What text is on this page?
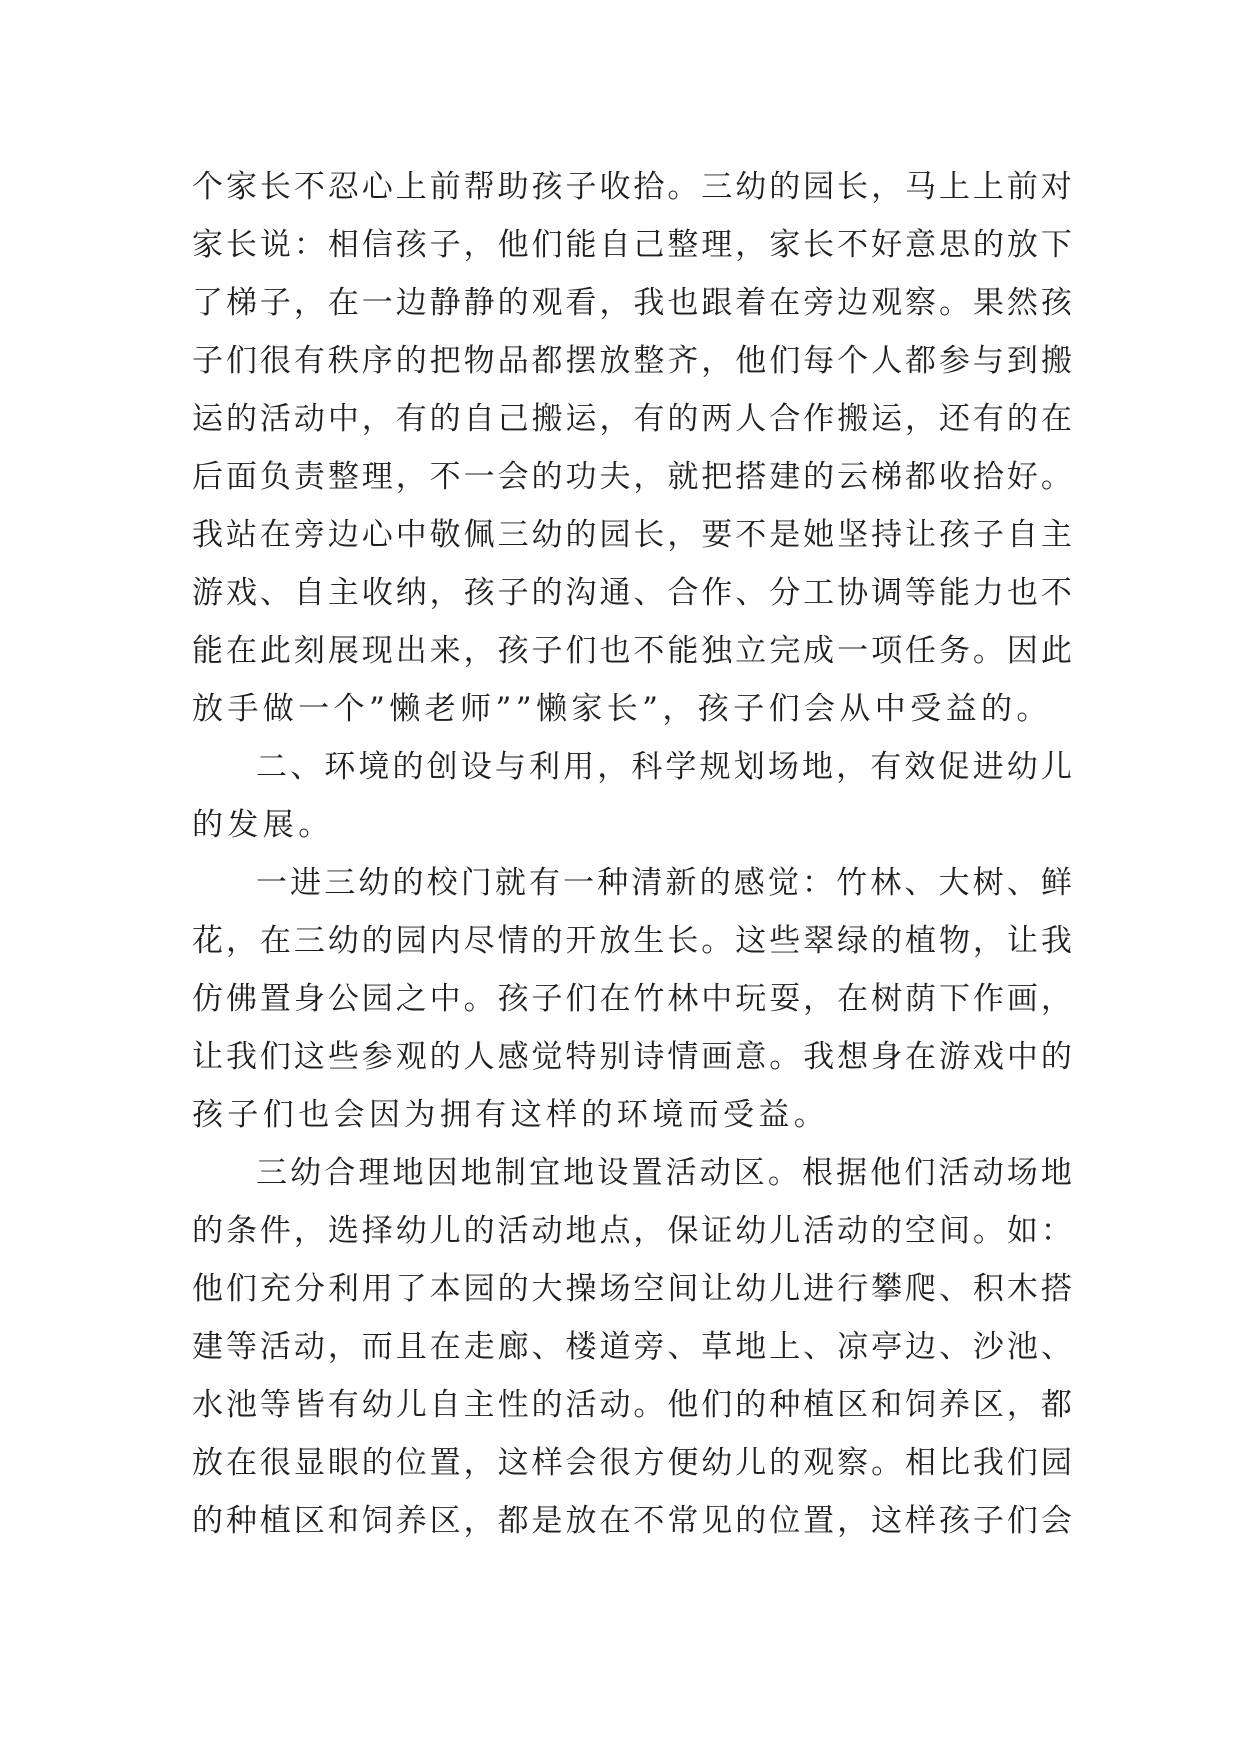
个 家 长 不 忍 心 上 前 帮 助 孩 子 收 拾 。 三 幼 的 园 长 ， 马 上 上 前 对
家 长 说 ： 相 信 孩 子 ， 他 们 能 自 己 整 理 ， 家 长 不 好 意 思 的 放 下
了 梯 子 ， 在 一 边 静 静 的 观 看 ， 我 也 跟 着 在 旁 边 观 察 。 果 然 孩
子 们 很 有 秩 序 的 把 物 品 都 摆 放 整 齐 ， 他 们 每 个 人 都 参 与 到 搬
运 的 活 动 中 ， 有 的 自 己 搬 运 ， 有 的 两 人 合 作 搬 运 ， 还 有 的 在
后 面 负 责 整 理 ， 不 一 会 的 功 夫 ， 就 把 搭 建 的 云 梯 都 收 拾 好 。
我 站 在 旁 边 心 中 敬 佩 三 幼 的 园 长 ， 要 不 是 她 坚 持 让 孩 子 自 主
游 戏 、 自 主 收 纳 ， 孩 子 的 沟 通 、 合 作 、 分 工 协 调 等 能 力 也 不
能 在 此 刻 展 现 出 来 ， 孩 子 们 也 不 能 独 立 完 成 一 项 任 务 。 因 此
放手做一个”懒老师””懒家长”，孩子们会从中受益的。
二 、 环 境 的 创 设 与 利 用 ， 科 学 规 划 场 地 ， 有 效 促 进 幼 儿
的发展。
一 进 三 幼 的 校 门 就 有 一 种 清 新 的 感 觉 ： 竹 林 、 大 树 、 鲜
花 ， 在 三 幼 的 园 内 尽 情 的 开 放 生 长 。 这 些 翠 绿 的 植 物 ， 让 我
仿 佛 置 身 公 园 之 中 。 孩 子 们 在 竹 林 中 玩 耍 ， 在 树 荫 下 作 画 ，
让 我 们 这 些 参 观 的 人 感 觉 特 别 诗 情 画 意 。 我 想 身 在 游 戏 中 的
孩子们也会因为拥有这样的环境而受益。
三 幼 合 理 地 因 地 制 宜 地 设 置 活 动 区 。 根 据 他 们 活 动 场 地
的 条 件 ， 选 择 幼 儿 的 活 动 地 点 ， 保 证 幼 儿 活 动 的 空 间 。 如 ：
他 们 充 分 利 用 了 本 园 的 大 操 场 空 间 让 幼 儿 进 行 攀 爬 、 积 木 搭
建 等 活 动 ， 而 且 在 走 廊 、 楼 道 旁 、 草 地 上 、 凉 亭 边 、 沙 池 、
水 池 等 皆 有 幼 儿 自 主 性 的 活 动 。 他 们 的 种 植 区 和 饲 养 区 ， 都
放 在 很 显 眼 的 位 置 ， 这 样 会 很 方 便 幼 儿 的 观 察 。 相 比 我 们 园
的 种 植 区 和 饲 养 区 ， 都 是 放 在 不 常 见 的 位 置 ， 这 样 孩 子 们 会
